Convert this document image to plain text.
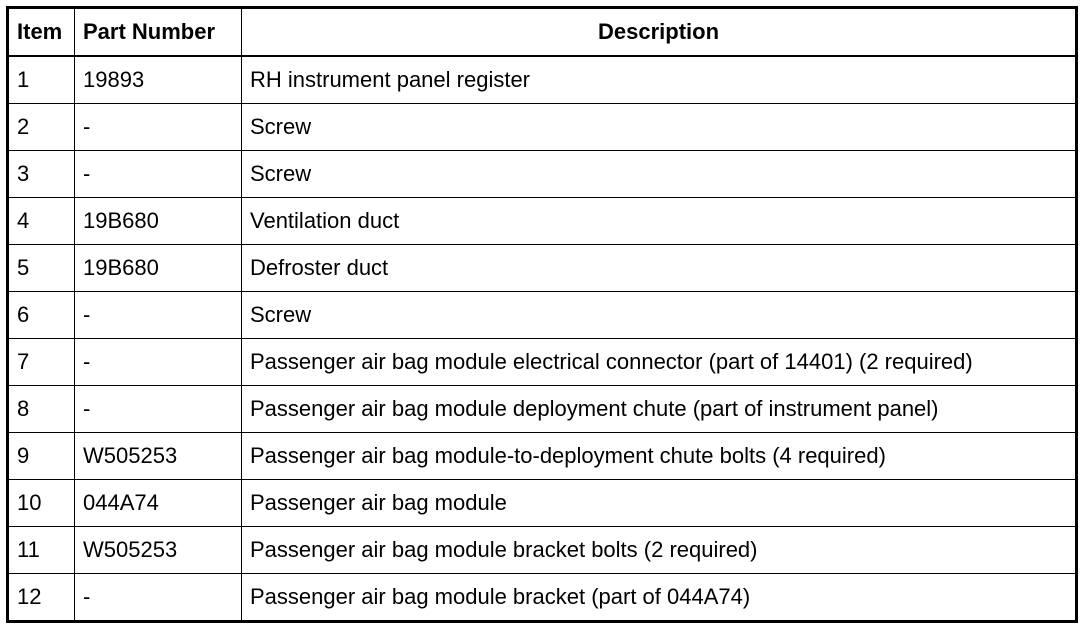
Item	Part Number	Description
1	19893	RH instrument panel register
2	-	Screw
3	-	Screw
4	19B680	Ventilation duct
5	19B680	Defroster duct
6	-	Screw
7	-	Passenger air bag module electrical connector (part of 14401) (2 required)
8	-	Passenger air bag module deployment chute (part of instrument panel)
9	W505253	Passenger air bag module-to-deployment chute bolts (4 required)
10	044A74	Passenger air bag module
11	W505253	Passenger air bag module bracket bolts (2 required)
12	-	Passenger air bag module bracket (part of 044A74)
